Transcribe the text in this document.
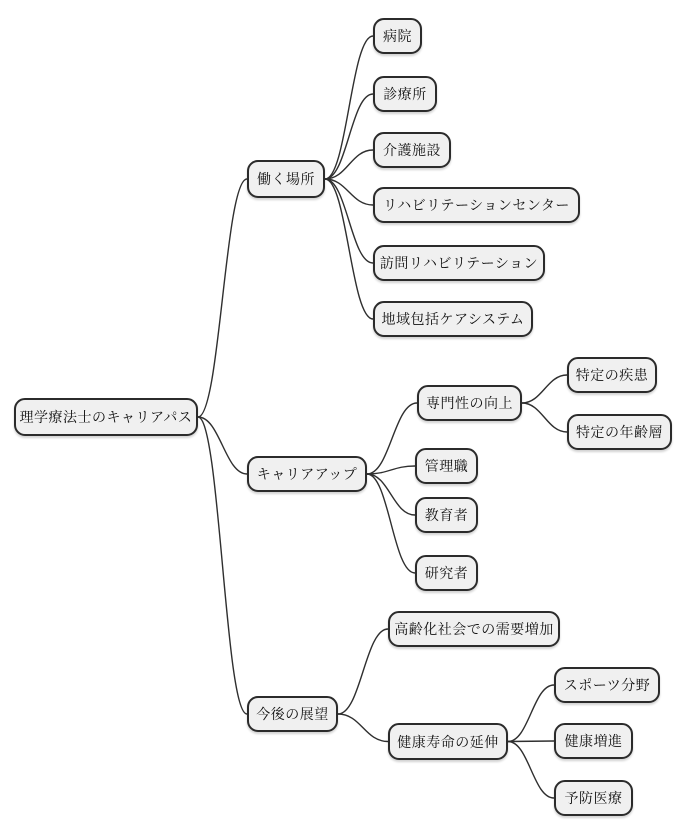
理学療法士のキャリアパス
働く場所
病院
診療所
介護施設
リハビリテーションセンター
訪問リハビリテーション
地域包括ケアシステム
キャリアアップ
専門性の向上
特定の疾患
特定の年齢層
管理職
教育者
研究者
今後の展望
高齢化社会での需要増加
健康寿命の延伸
スポーツ分野
健康増進
予防医療
